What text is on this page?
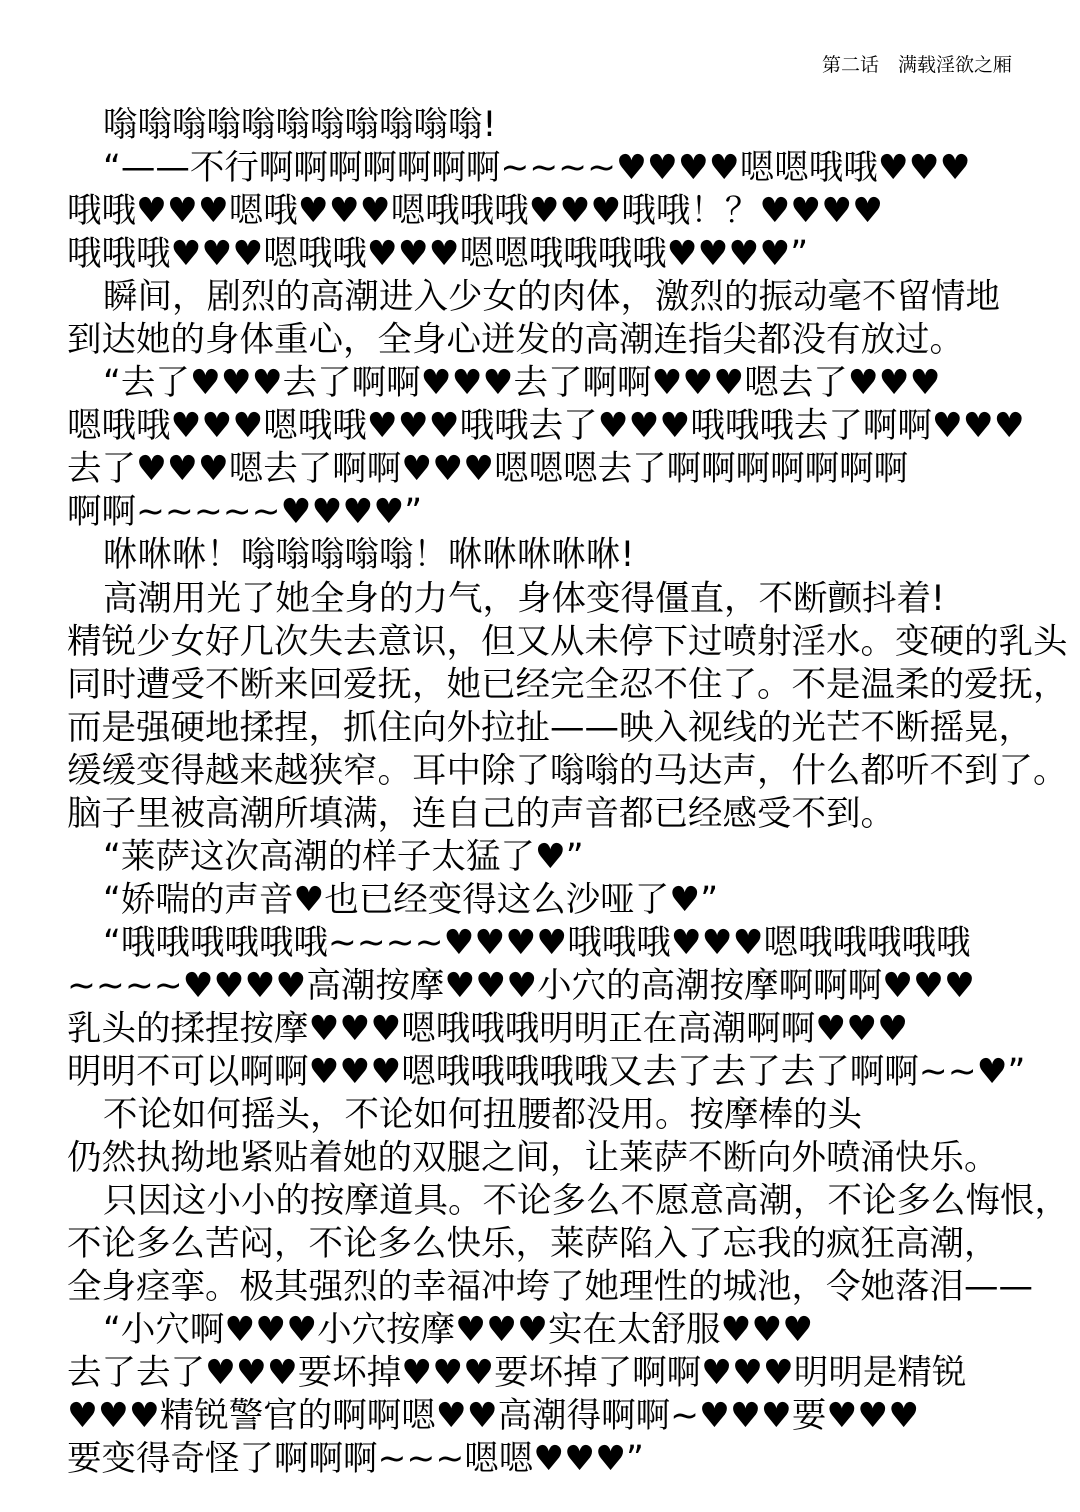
第二话　 满载淫欲之厢
嗡嗡嗡嗡嗡嗡嗡嗡嗡嗡嗡!
“——不行啊啊啊啊啊啊啊~~~~♥♥♥♥嗯嗯哦哦♥♥♥
哦哦♥♥♥嗯哦♥♥♥嗯哦哦哦♥♥♥哦哦！？♥♥♥♥
哦哦哦♥♥♥嗯哦哦♥♥♥嗯嗯哦哦哦哦♥♥♥♥”
瞬间，剧烈的高潮进入少女的肉体，激烈的振动毫不留情地
到达她的身体重心，全身心迸发的高潮连指尖都没有放过。
“去了♥♥♥去了啊啊♥♥♥去了啊啊♥♥♥嗯去了♥♥♥
嗯哦哦♥♥♥嗯哦哦♥♥♥哦哦去了♥♥♥哦哦哦去了啊啊♥♥♥
去了♥♥♥嗯去了啊啊♥♥♥嗯嗯嗯去了啊啊啊啊啊啊啊
啊啊~~~~~♥♥♥♥”
咻咻咻！嗡嗡嗡嗡嗡！咻咻咻咻咻!
高潮用光了她全身的力气，身体变得僵直，不断颤抖着!
精锐少女好几次失去意识，但又从未停下过喷射淫水。变硬的乳头
同时遭受不断来回爱抚，她已经完全忍不住了。不是温柔的爱抚，
而是强硬地揉捏，抓住向外拉扯——映入视线的光芒不断摇晃，
缓缓变得越来越狭窄。耳中除了嗡嗡的马达声，什么都听不到了。
脑子里被高潮所填满，连自己的声音都已经感受不到。
“莱萨这次高潮的样子太猛了♥”
“娇喘的声音♥也已经变得这么沙哑了♥”
“哦哦哦哦哦哦~~~~♥♥♥♥哦哦哦♥♥♥嗯哦哦哦哦哦
~~~~♥♥♥♥高潮按摩♥♥♥小穴的高潮按摩啊啊啊♥♥♥
乳头的揉捏按摩♥♥♥嗯哦哦哦明明正在高潮啊啊♥♥♥
明明不可以啊啊♥♥♥嗯哦哦哦哦哦又去了去了去了啊啊~~♥”
不论如何摇头，不论如何扭腰都没用。按摩棒的头
仍然执拗地紧贴着她的双腿之间，让莱萨不断向外喷涌快乐。
只因这小小的按摩道具。不论多么不愿意高潮，不论多么悔恨，
不论多么苦闷，不论多么快乐，莱萨陷入了忘我的疯狂高潮，
全身痉挛。极其强烈的幸福冲垮了她理性的城池，令她落泪——
“小穴啊♥♥♥小穴按摩♥♥♥实在太舒服♥♥♥
去了去了♥♥♥要坏掉♥♥♥要坏掉了啊啊♥♥♥明明是精锐
♥♥♥精锐警官的啊啊嗯♥♥高潮得啊啊~♥♥♥要♥♥♥
要变得奇怪了啊啊啊~~~嗯嗯♥♥♥”
